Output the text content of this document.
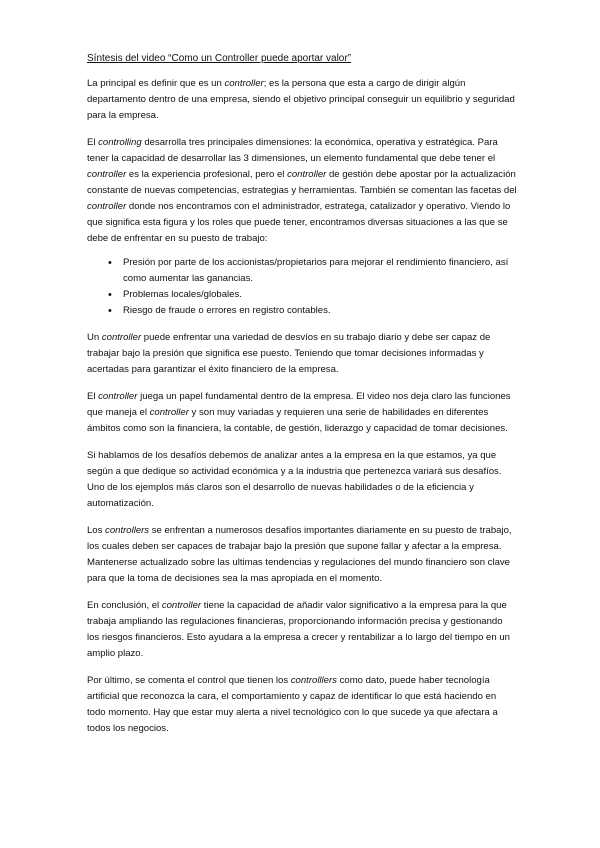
Síntesis del video “Como un Controller puede aportar valor”

La principal es definir que es un controller; es la persona que esta a cargo de dirigir algún departamento dentro de una empresa, siendo el objetivo principal conseguir un equilibrio y seguridad para la empresa.

El controlling desarrolla tres principales dimensiones: la económica, operativa y estratégica. Para tener la capacidad de desarrollar las 3 dimensiones, un elemento fundamental que debe tener el controller es la experiencia profesional, pero el controller de gestión debe apostar por la actualización constante de nuevas competencias, estrategias y herramientas. También se comentan las facetas del controller donde nos encontramos con el administrador, estratega, catalizador y operativo. Viendo lo que significa esta figura y los roles que puede tener, encontramos diversas situaciones a las que se debe de enfrentar en su puesto de trabajo:

• Presión por parte de los accionistas/propietarios para mejorar el rendimiento financiero, así como aumentar las ganancias.
• Problemas locales/globales.
• Riesgo de fraude o errores en registro contables.

Un controller puede enfrentar una variedad de desvíos en su trabajo diario y debe ser capaz de trabajar bajo la presión que significa ese puesto. Teniendo que tomar decisiones informadas y acertadas para garantizar el éxito financiero de la empresa.

El controller juega un papel fundamental dentro de la empresa. El video nos deja claro las funciones que maneja el controller y son muy variadas y requieren una serie de habilidades en diferentes ámbitos como son la financiera, la contable, de gestión, liderazgo y capacidad de tomar decisiones.

Si hablamos de los desafíos debemos de analizar antes a la empresa en la que estamos, ya que según a que dedique so actividad económica y a la industria que pertenezca variará sus desafíos. Uno de los ejemplos más claros son el desarrollo de nuevas habilidades o de la eficiencia y automatización.

Los controllers se enfrentan a numerosos desafíos importantes diariamente en su puesto de trabajo, los cuales deben ser capaces de trabajar bajo la presión que supone fallar y afectar a la empresa. Mantenerse actualizado sobre las ultimas tendencias y regulaciones del mundo financiero son clave para que la toma de decisiones sea la mas apropiada en el momento.

En conclusión, el controller tiene la capacidad de añadir valor significativo a la empresa para la que trabaja ampliando las regulaciones financieras, proporcionando información precisa y gestionando los riesgos financieros. Esto ayudara a la empresa a crecer y rentabilizar a lo largo del tiempo en un amplio plazo.

Por último, se comenta el control que tienen los controlllers como dato, puede haber tecnología artificial que reconozca la cara, el comportamiento y capaz de identificar lo que está haciendo en todo momento. Hay que estar muy alerta a nivel tecnológico con lo que sucede ya que afectara a todos los negocios.
